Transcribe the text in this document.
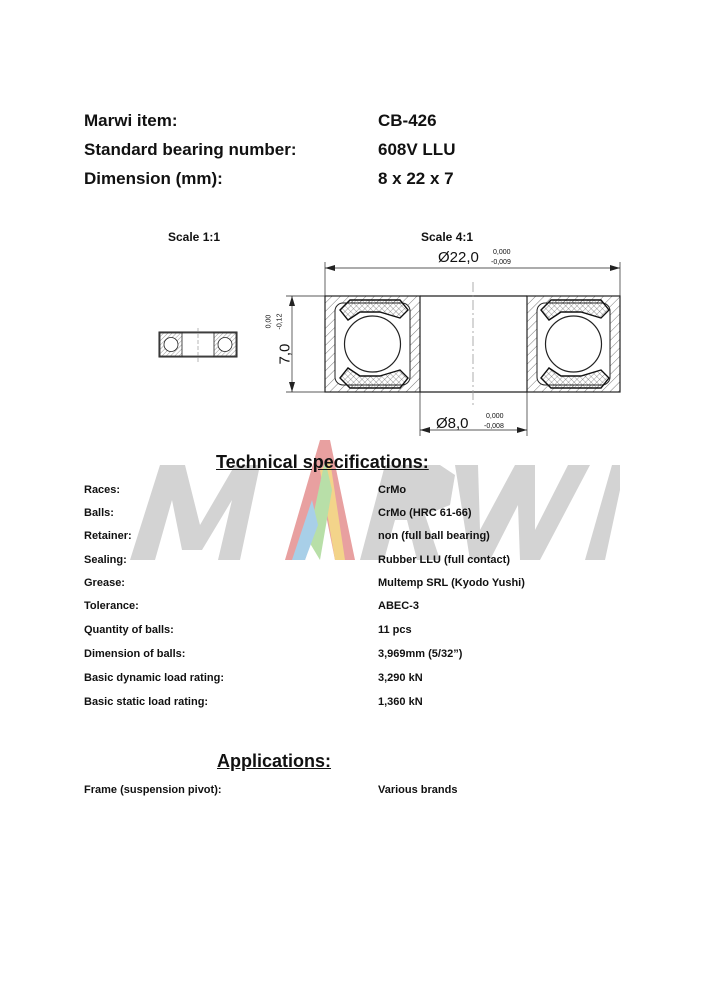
Marwi item:	CB-426
Standard bearing number:	608V LLU
Dimension (mm):	8 x 22 x 7
Scale 1:1	Scale 4:1
Ø22,0 0,000
-0,009
7,0
0,00 -0,12
Ø8,0 0,000
-0,008
Technical specifications:
Races:	CrMo
Balls:	CrMo (HRC 61-66)
Retainer:	non (full ball bearing)
Sealing:	Rubber LLU (full contact)
Grease:	Multemp SRL (Kyodo Yushi)
Tolerance:	ABEC-3
Quantity of balls:	11 pcs
Dimension of balls:	3,969mm (5/32”)
Basic dynamic load rating:	3,290 kN
Basic static load rating:	1,360 kN
Applications:
Frame (suspension pivot):	Various brands
